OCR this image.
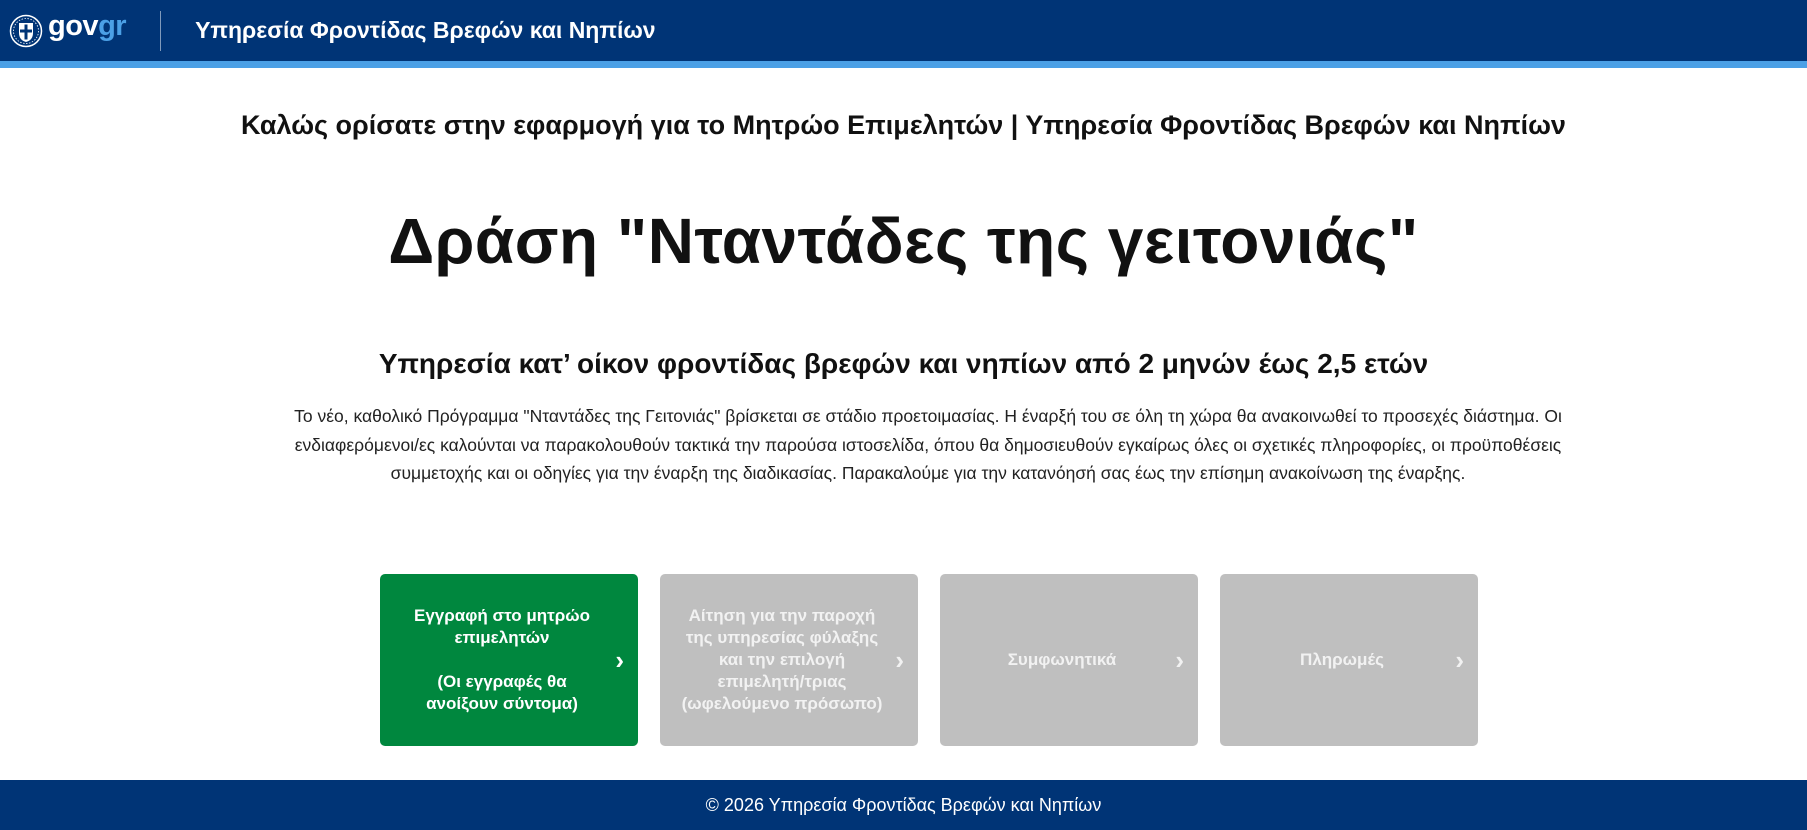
govgr	Υπηρεσία Φροντίδας Βρεφών και Νηπίων
Καλώς ορίσατε στην εφαρμογή για το Μητρώο Επιμελητών | Υπηρεσία Φροντίδας Βρεφών και Νηπίων
Δράση "Νταντάδες της γειτονιάς"
Υπηρεσία κατ’ οίκον φροντίδας βρεφών και νηπίων από 2 μηνών έως 2,5 ετών

Το νέο, καθολικό Πρόγραμμα "Νταντάδες της Γειτονιάς" βρίσκεται σε στάδιο προετοιμασίας. Η έναρξή του σε όλη τη χώρα θα ανακοινωθεί το προσεχές διάστημα. Οι ενδιαφερόμενοι/ες καλούνται να παρακολουθούν τακτικά την παρούσα ιστοσελίδα, όπου θα δημοσιευθούν εγκαίρως όλες οι σχετικές πληροφορίες, οι προϋποθέσεις συμμετοχής και οι οδηγίες για την έναρξη της διαδικασίας. Παρακαλούμε για την κατανόησή σας έως την επίσημη ανακοίνωση της έναρξης.

Εγγραφή στο μητρώο επιμελητών

(Οι εγγραφές θα ανοίξουν σύντομα)
›
Αίτηση για την παροχή της υπηρεσίας φύλαξης και την επιλογή επιμελητή/τριας (ωφελούμενο πρόσωπο)
›	Συμφωνητικά	›	Πληρωμές	›
© 2026 Υπηρεσία Φροντίδας Βρεφών και Νηπίων
